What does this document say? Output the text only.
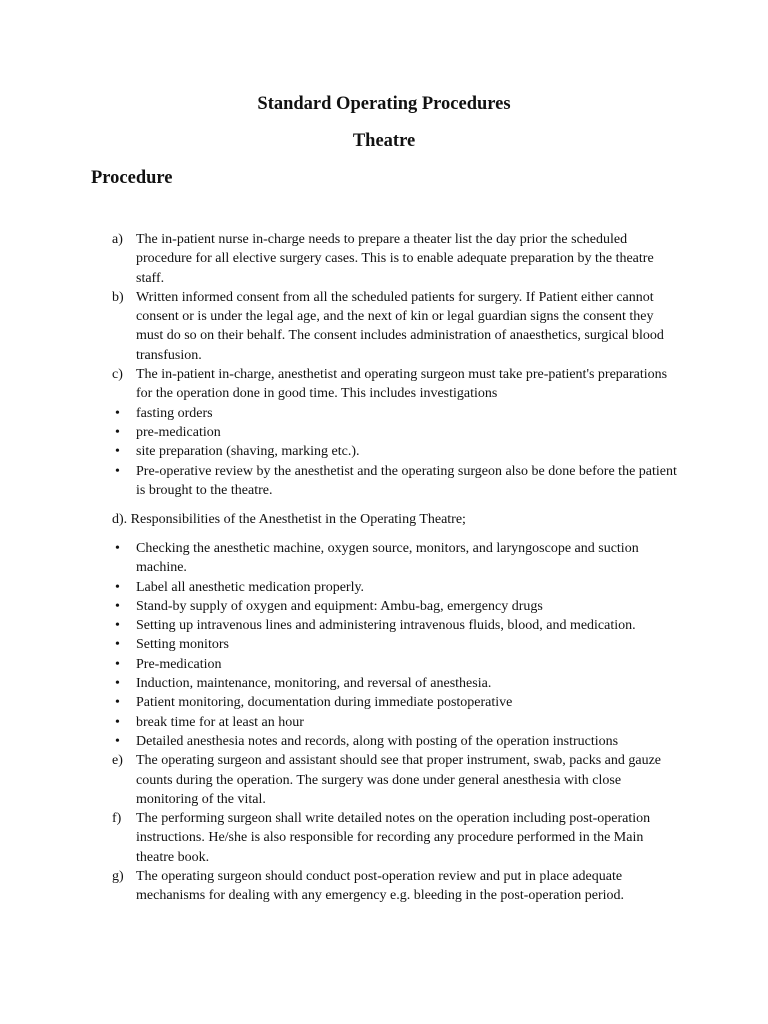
Standard Operating Procedures
Theatre
Procedure
a) The in-patient nurse in-charge needs to prepare a theater list the day prior the scheduled procedure for all elective surgery cases. This is to enable adequate preparation by the theatre staff.
b) Written informed consent from all the scheduled patients for surgery. If Patient either cannot consent or is under the legal age, and the next of kin or legal guardian signs the consent they must do so on their behalf. The consent includes administration of anaesthetics, surgical blood transfusion.
c) The in-patient in-charge, anesthetist and operating surgeon must take pre-patient's preparations for the operation done in good time. This includes investigations
• fasting orders
• pre-medication
• site preparation (shaving, marking etc.).
• Pre-operative review by the anesthetist and the operating surgeon also be done before the patient is brought to the theatre.

d). Responsibilities of the Anesthetist in the Operating Theatre;

• Checking the anesthetic machine, oxygen source, monitors, and laryngoscope and suction machine.
• Label all anesthetic medication properly.
• Stand-by supply of oxygen and equipment: Ambu-bag, emergency drugs
• Setting up intravenous lines and administering intravenous fluids, blood, and medication.
• Setting monitors
• Pre-medication
• Induction, maintenance, monitoring, and reversal of anesthesia.
• Patient monitoring, documentation during immediate postoperative
• break time for at least an hour
• Detailed anesthesia notes and records, along with posting of the operation instructions
e) The operating surgeon and assistant should see that proper instrument, swab, packs and gauze counts during the operation. The surgery was done under general anesthesia with close monitoring of the vital.
f) The performing surgeon shall write detailed notes on the operation including post-operation instructions. He/she is also responsible for recording any procedure performed in the Main theatre book.
g) The operating surgeon should conduct post-operation review and put in place adequate mechanisms for dealing with any emergency e.g. bleeding in the post-operation period.
